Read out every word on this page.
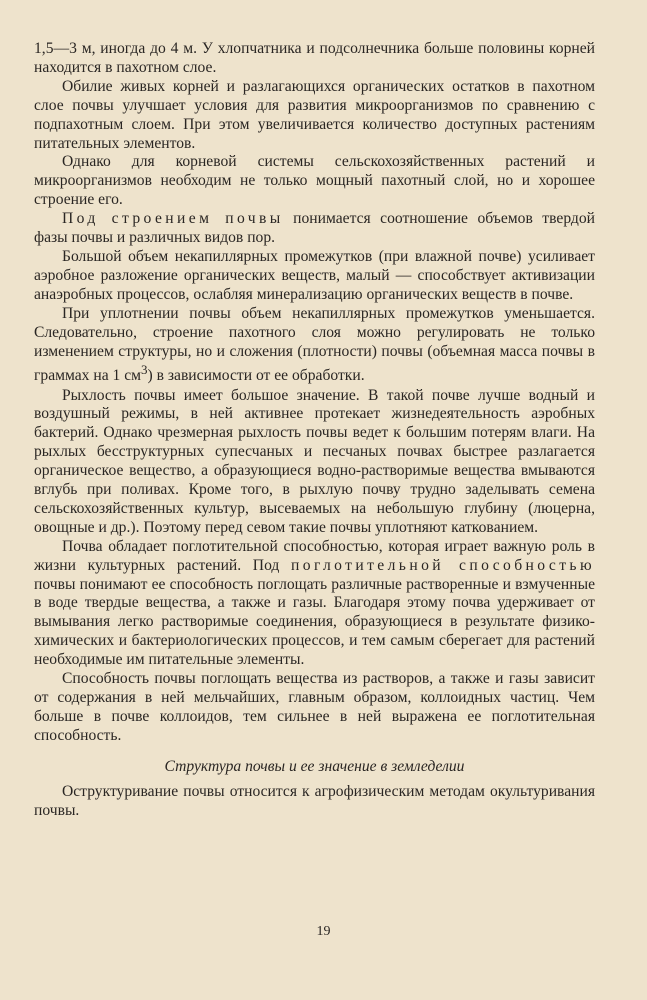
1,5—3 м, иногда до 4 м. У хлопчатника и подсолнечника больше половины корней находится в пахотном слое.

Обилие живых корней и разлагающихся органических остатков в пахотном слое почвы улучшает условия для развития микроорганизмов по сравнению с подпахотным слоем. При этом увеличивается количество доступных растениям питательных элементов.

Однако для корневой системы сельскохозяйственных растений и микроорганизмов необходим не только мощный пахотный слой, но и хорошее строение его.

Под строением почвы понимается соотношение объемов твердой фазы почвы и различных видов пор.

Большой объем некапиллярных промежутков (при влажной почве) усиливает аэробное разложение органических веществ, малый — способствует активизации анаэробных процессов, ослабляя минерализацию органических веществ в почве.

При уплотнении почвы объем некапиллярных промежутков уменьшается. Следовательно, строение пахотного слоя можно регулировать не только изменением структуры, но и сложения (плотности) почвы (объемная масса почвы в граммах на 1 $см^3$) в зависимости от ее обработки.

Рыхлость почвы имеет большое значение. В такой почве лучше водный и воздушный режимы, в ней активнее протекает жизнедеятельность аэробных бактерий. Однако чрезмерная рыхлость почвы ведет к большим потерям влаги. На рыхлых бесструктурных супесчаных и песчаных почвах быстрее разлагается органическое вещество, а образующиеся водно-растворимые вещества вмываются вглубь при поливах. Кроме того, в рыхлую почву трудно заделывать семена сельскохозяйственных культур, высеваемых на небольшую глубину (люцерна, овощные и др.). Поэтому перед севом такие почвы уплотняют катковaнием.

Почва обладает поглотительной способностью, которая играет важную роль в жизни культурных растений. Под поглотительной способностью почвы понимают ее способность поглощать различные растворенные и взмученные в воде твердые вещества, а также и газы. Благодаря этому почва удерживает от вымывания легко растворимые соединения, образующиеся в результате физико-химических и бактериологических процессов, и тем самым сберегает для растений необходимые им питательные элементы.

Способность почвы поглощать вещества из растворов, а также и газы зависит от содержания в ней мельчайших, главным образом, коллоидных частиц. Чем больше в почве коллоидов, тем сильнее в ней выражена ее поглотительная способность.

Структура почвы и ее значение в земледелии

Оструктуривание почвы относится к агрофизическим методам окультуривания почвы.

19
